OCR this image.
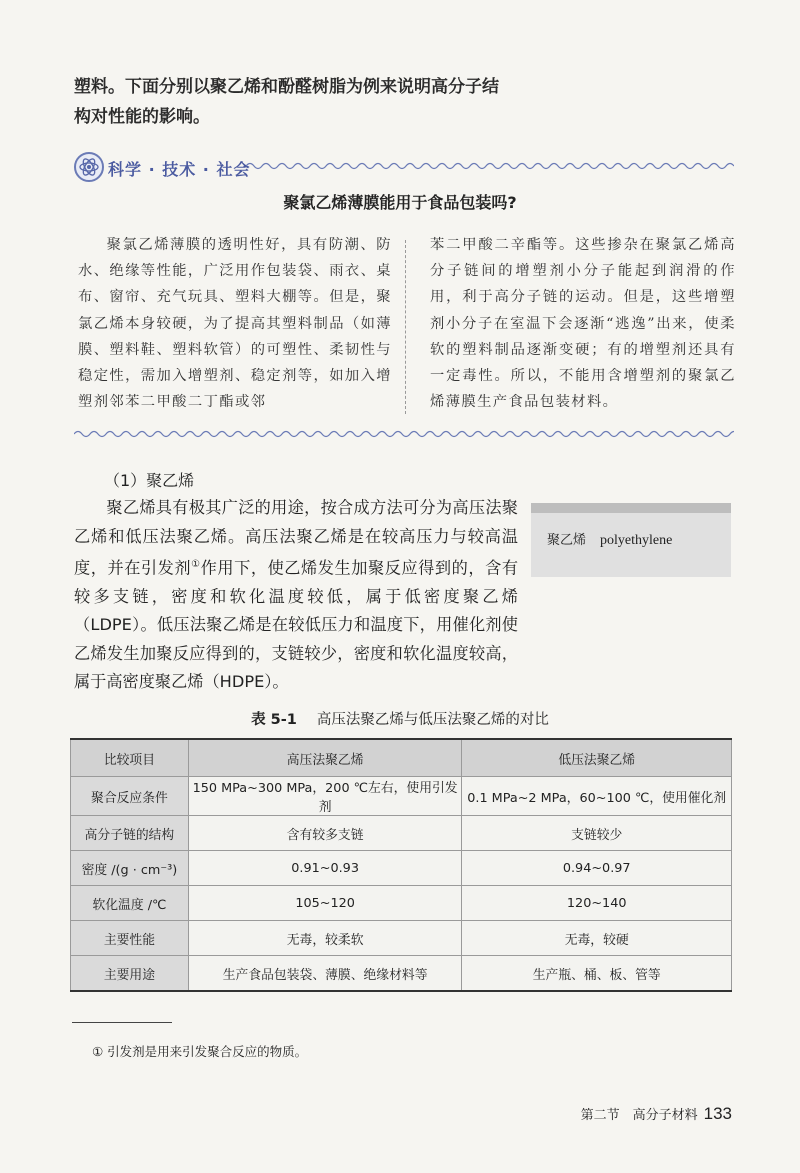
塑料。下面分别以聚乙烯和酚醛树脂为例来说明高分子结

构对性能的影响。

科学 · 技术 · 社会
聚氯乙烯薄膜能用于食品包装吗?

聚氯乙烯薄膜的透明性好，具有防潮、防水、绝缘等性能，广泛用作包装袋、雨衣、桌布、窗帘、充气玩具、塑料大棚等。但是，聚氯乙烯本身较硬，为了提高其塑料制品（如薄膜、塑料鞋、塑料软管）的可塑性、柔韧性与稳定性，需加入增塑剂、稳定剂等，如加入增塑剂邻苯二甲酸二丁酯或邻

苯二甲酸二辛酯等。这些掺杂在聚氯乙烯高分子链间的增塑剂小分子能起到润滑的作用，利于高分子链的运动。但是，这些增塑剂小分子在室温下会逐渐“逃逸”出来，使柔软的塑料制品逐渐变硬；有的增塑剂还具有一定毒性。所以，不能用含增塑剂的聚氯乙烯薄膜生产食品包装材料。

（1）聚乙烯

聚乙烯具有极其广泛的用途，按合成方法可分为高压法聚乙烯和低压法聚乙烯。高压法聚乙烯是在较高压力与较高温度，并在引发剂①作用下，使乙烯发生加聚反应得到的，含有较多支链，密度和软化温度较低，属于低密度聚乙烯（LDPE）。低压法聚乙烯是在较低压力和温度下，用催化剂使乙烯发生加聚反应得到的，支链较少，密度和软化温度较高，属于高密度聚乙烯（HDPE）。

聚乙烯 polyethylene
表 5-1 高压法聚乙烯与低压法聚乙烯的对比
比较项目	高压法聚乙烯	低压法聚乙烯
聚合反应条件	150 MPa~300 MPa，200 ℃左右，使用引发剂	0.1 MPa~2 MPa，60~100 ℃，使用催化剂
高分子链的结构	含有较多支链	支链较少
密度 /(g · cm⁻³)	0.91~0.93	0.94~0.97
软化温度 /℃	105~120	120~140
主要性能	无毒，较柔软	无毒，较硬
主要用途	生产食品包装袋、薄膜、绝缘材料等	生产瓶、桶、板、管等
① 引发剂是用来引发聚合反应的物质。
第二节　高分子材料 133
